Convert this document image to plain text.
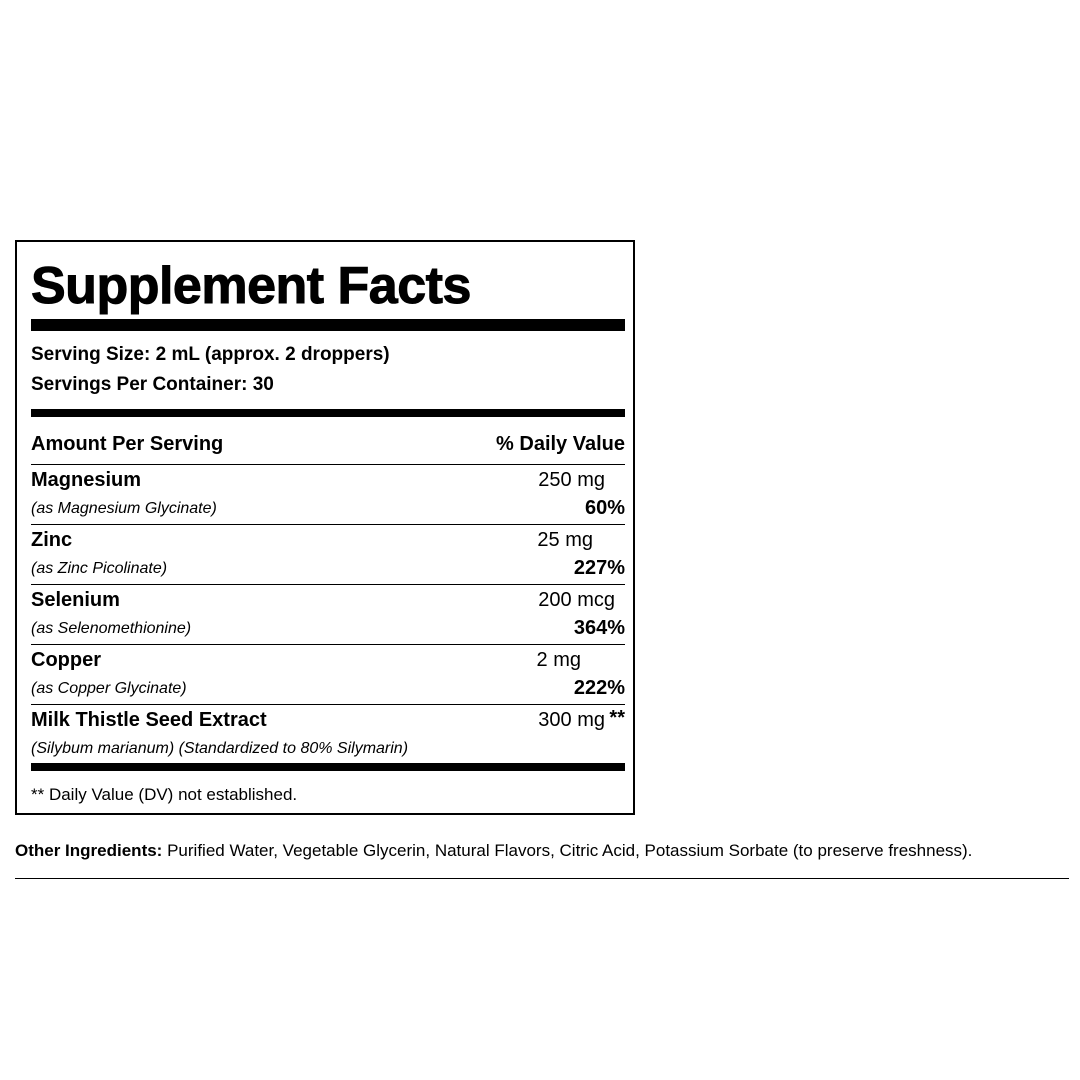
Supplement Facts
Serving Size: 2 mL (approx. 2 droppers)
Servings Per Container: 30
Amount Per Serving	% Daily Value
Magnesium
(as Magnesium Glycinate)
250 mg
60%
Zinc
(as Zinc Picolinate)
25 mg
227%
Selenium
(as Selenomethionine)
200 mcg
364%
Copper
(as Copper Glycinate)
2 mg
222%
Milk Thistle Seed Extract
(Silybum marianum) (Standardized to 80% Silymarin)
300 mg **
** Daily Value (DV) not established.
Other Ingredients: Purified Water, Vegetable Glycerin, Natural Flavors, Citric Acid, Potassium Sorbate (to preserve freshness).
